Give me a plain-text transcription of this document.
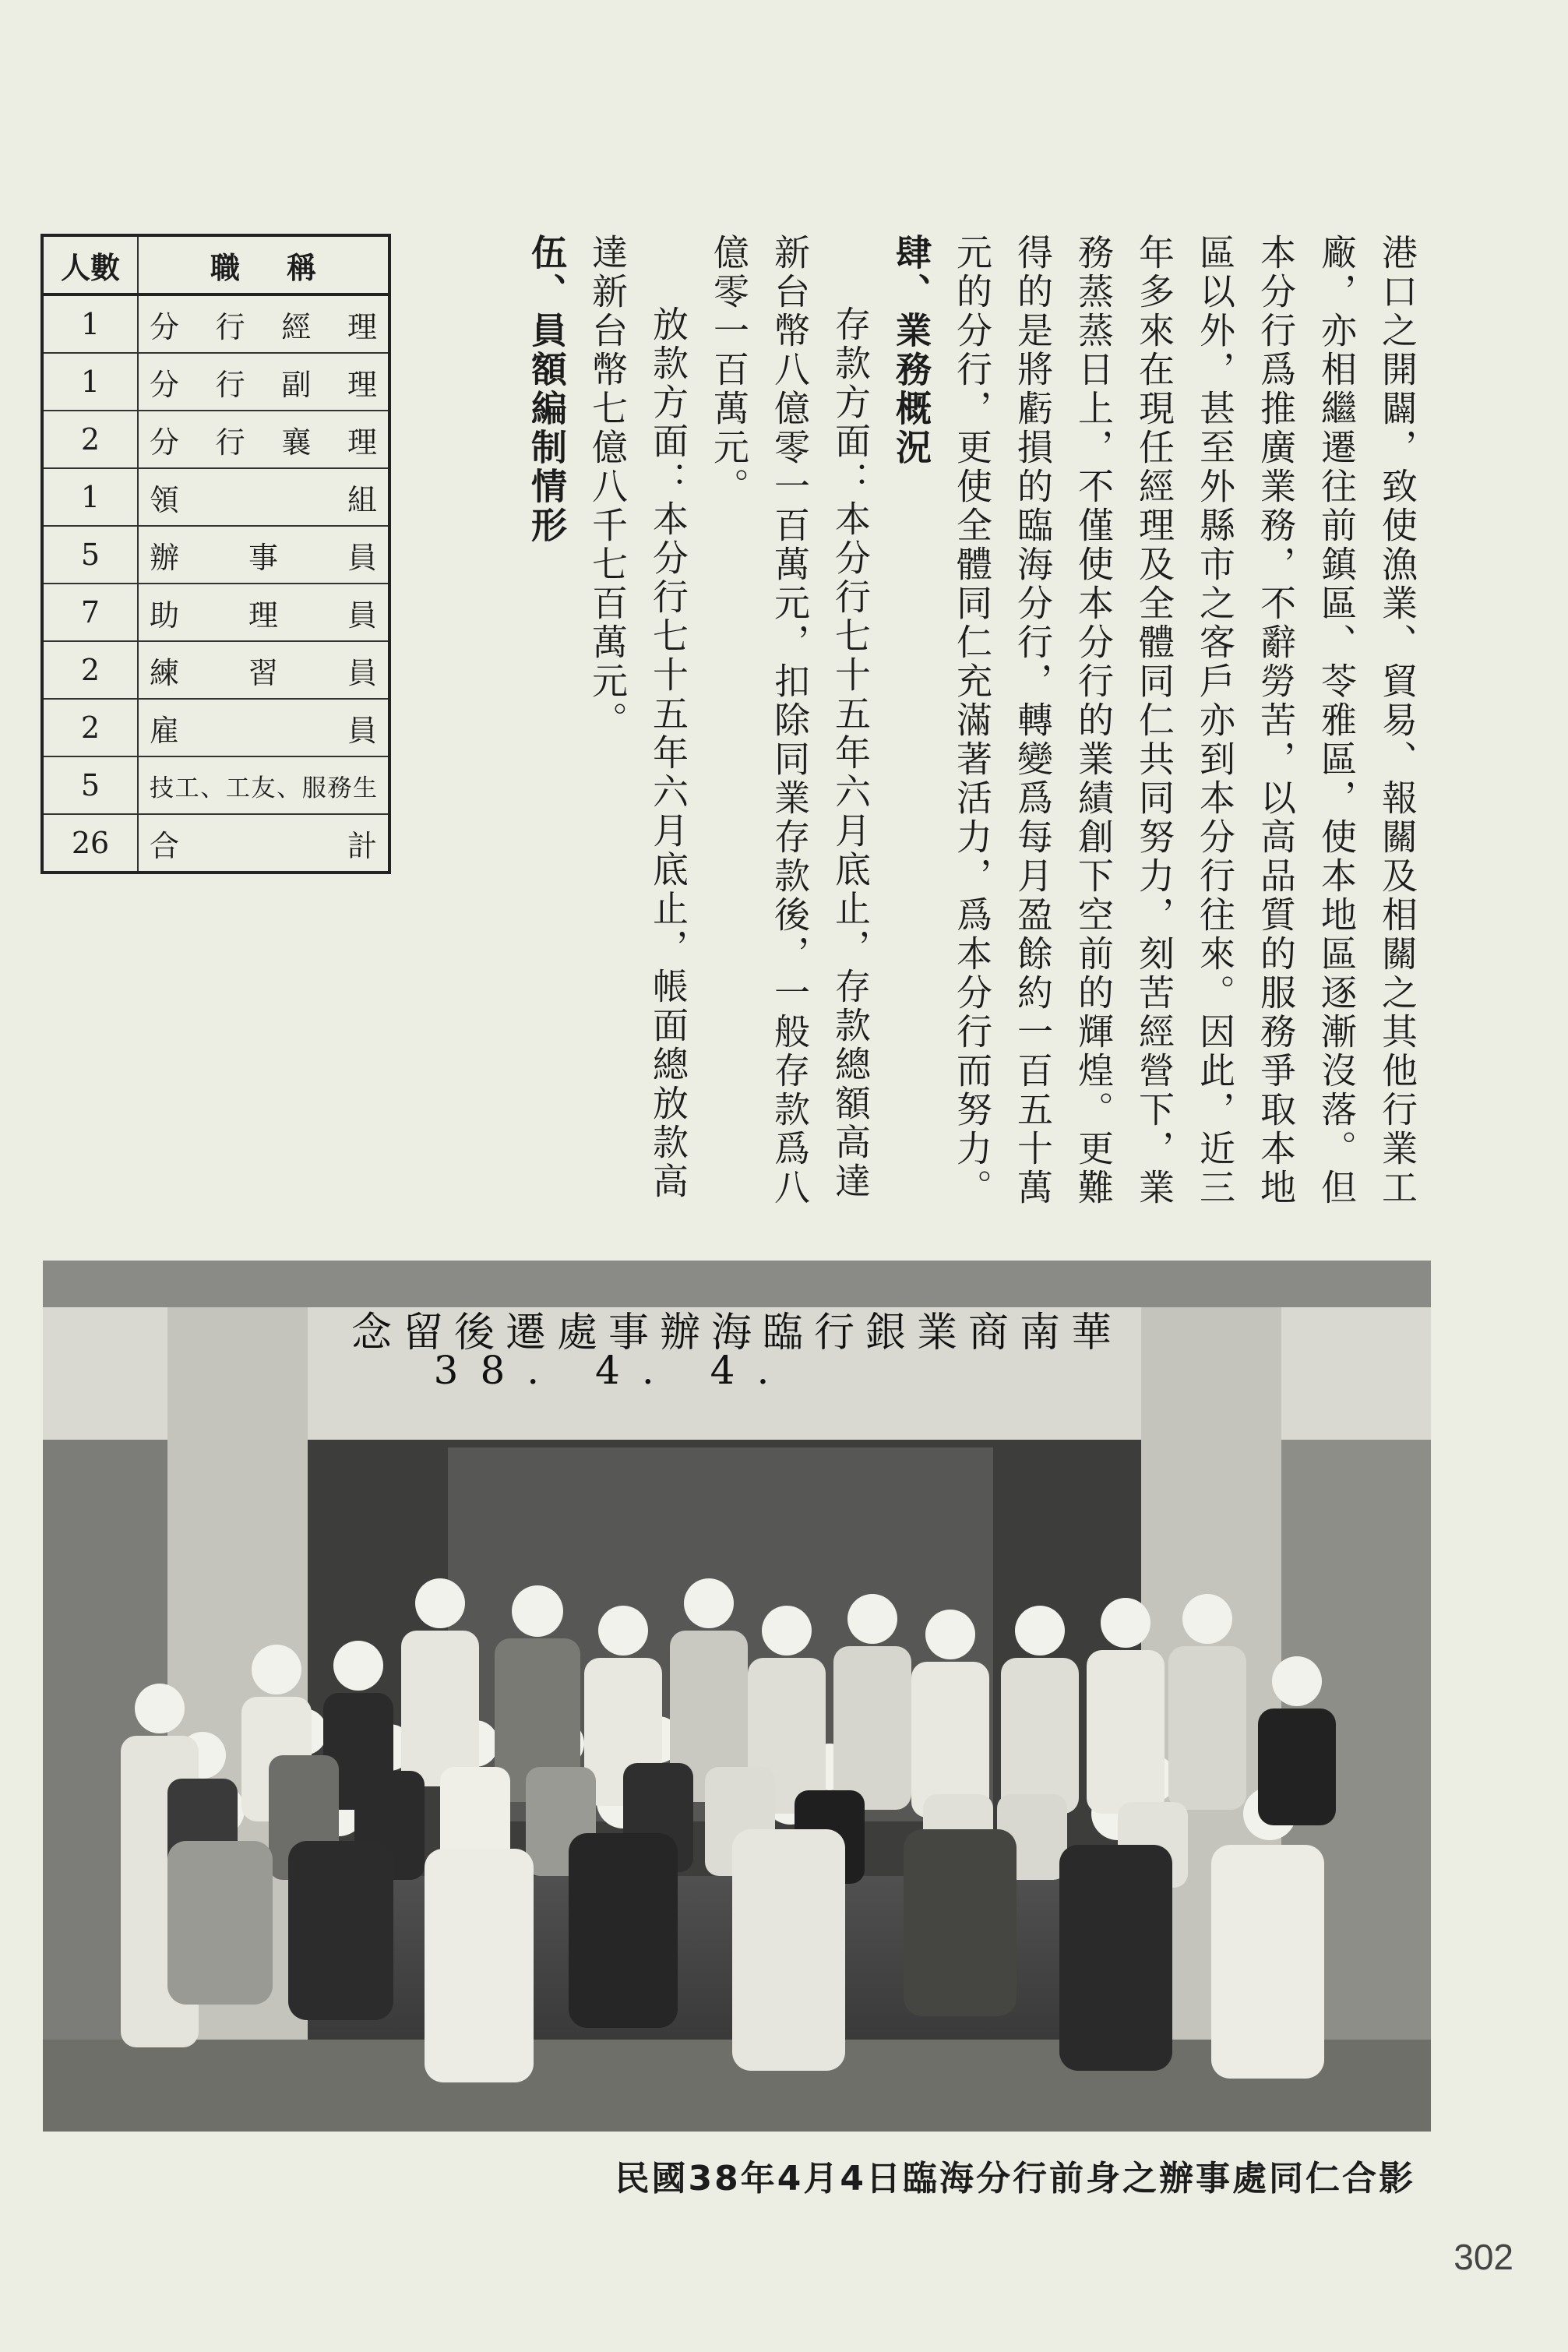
港口之開闢，致使漁業、貿易、報關及相關之其他行業工廠，亦相繼遷往前鎮區、苓雅區，使本地區逐漸沒落。但本分行爲推廣業務，不辭勞苦，以高品質的服務爭取本地區以外，甚至外縣市之客戶亦到本分行往來。因此，近三年多來在現任經理及全體同仁共同努力，刻苦經營下，業務蒸蒸日上，不僅使本分行的業績創下空前的輝煌。更難得的是將虧損的臨海分行，轉變爲每月盈餘約一百五十萬元的分行，更使全體同仁充滿著活力，爲本分行而努力。

肆、業務概況

存款方面：本分行七十五年六月底止，存款總額高達新台幣八億零一百萬元，扣除同業存款後，一般存款爲八億零一百萬元。

放款方面：本分行七十五年六月底止，帳面總放款高達新台幣七億八千七百萬元。

伍、員額編制情形

人數	職稱
1	分行經理
1	分行副理
2	分行襄理
1	領組
5	辦事員
7	助理員
2	練習員
2	雇員
5	技工、工友、服務生
26	合計
念留後遷處事辦海臨行銀業商南華
38. 4. 4.
民國38年4月4日臨海分行前身之辦事處同仁合影
302
